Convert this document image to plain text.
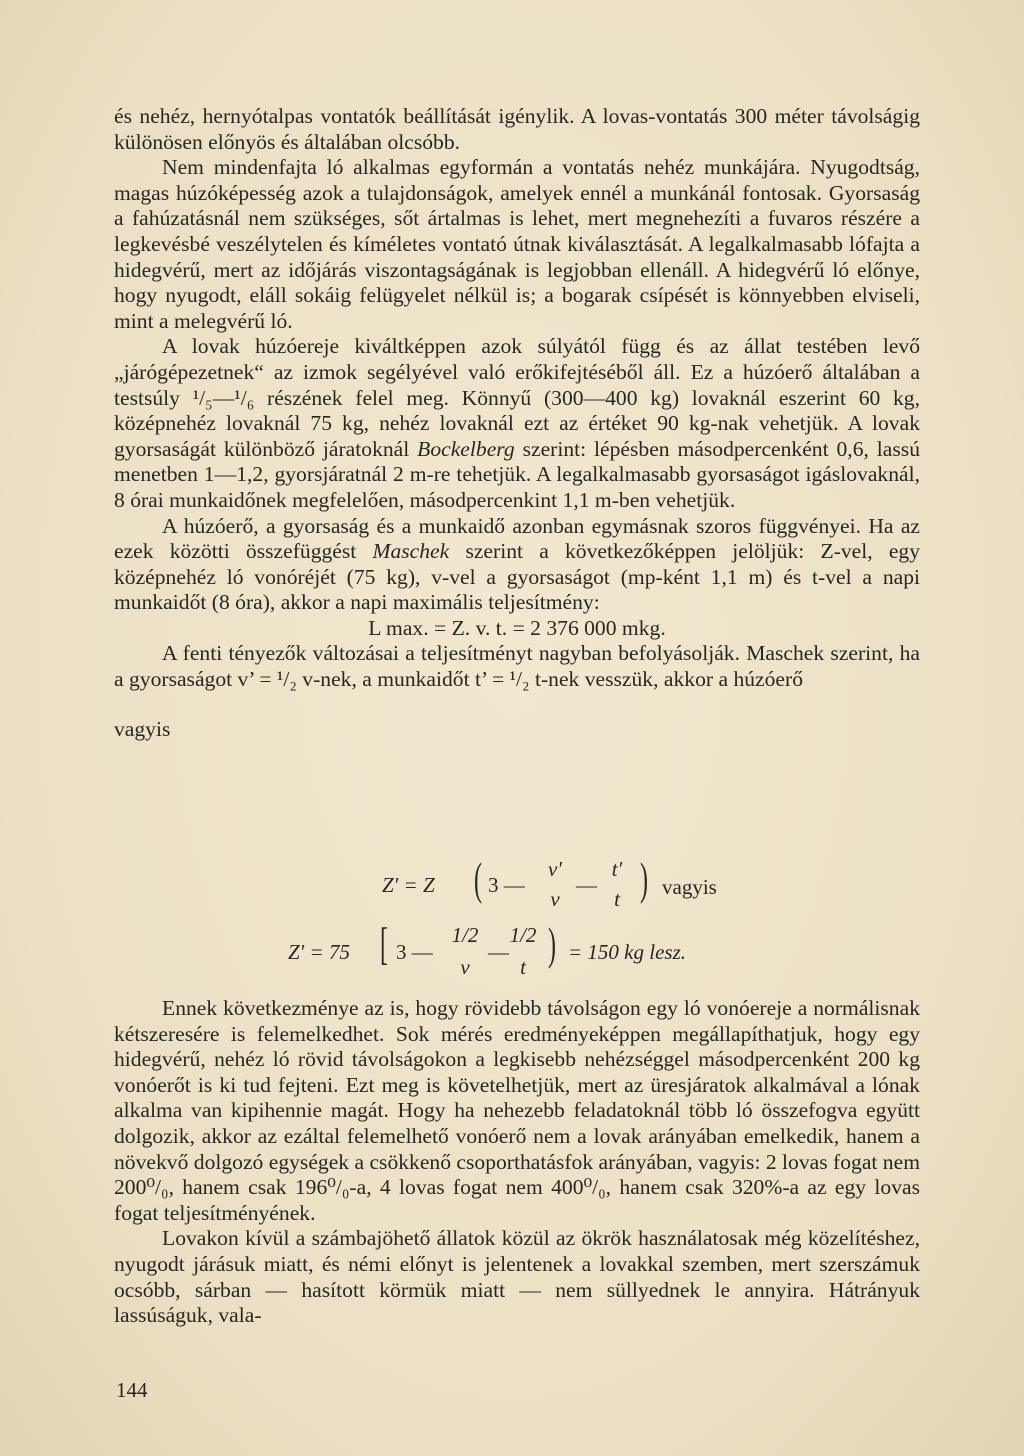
és nehéz, hernyótalpas vontatók beállítását igénylik. A lovas-vontatás 300 méter távolságig különösen előnyös és általában olcsóbb.

Nem mindenfajta ló alkalmas egyformán a vontatás nehéz munkájára. Nyugodtság, magas húzóképesség azok a tulajdonságok, amelyek ennél a munkánál fontosak. Gyorsaság a fahúzatásnál nem szükséges, sőt ártalmas is lehet, mert megnehezíti a fuvaros részére a legkevésbé veszélytelen és kíméletes vontató útnak kiválasztását. A legalkalmasabb lófajta a hidegvérű, mert az időjárás viszontagságának is legjobban ellenáll. A hidegvérű ló előnye, hogy nyugodt, eláll sokáig felügyelet nélkül is; a bogarak csípését is könnyebben elviseli, mint a melegvérű ló.

A lovak húzóereje kiváltképpen azok súlyától függ és az állat testében levő „járógépezetnek“ az izmok segélyével való erőkifejtéséből áll. Ez a húzóerő általában a testsúly ¹/₅—¹/₆ részének felel meg. Könnyű (300—400 kg) lovaknál eszerint 60 kg, középnehéz lovaknál 75 kg, nehéz lovaknál ezt az értéket 90 kg-nak vehetjük. A lovak gyorsaságát különböző járatoknál Bockelberg szerint: lépésben másodpercenként 0,6, lassú menetben 1—1,2, gyorsjáratnál 2 m-re tehetjük. A legalkalmasabb gyorsaságot igáslovaknál, 8 órai munkaidőnek megfelelően, másodpercenkint 1,1 m-ben vehetjük.

A húzóerő, a gyorsaság és a munkaidő azonban egymásnak szoros függvényei. Ha az ezek közötti összefüggést Maschek szerint a következőképpen jelöljük: Z-vel, egy középnehéz ló vonóréjét (75 kg), v-vel a gyorsaságot (mp-ként 1,1 m) és t-vel a napi munkaidőt (8 óra), akkor a napi maximális teljesítmény:

L max. = Z. v. t. = 2 376 000 mkg.

A fenti tényezők változásai a teljesítményt nagyban befolyásolják. Maschek szerint, ha a gyorsaságot v’ = ¹/₂ v-nek, a munkaidőt t’ = ¹/₂ t-nek vesszük, akkor a húzóerő

vagyis

Z′ = Z ( 3 —
v′
v
—
t′
t ) vagyis
Z′ = 75 [ 3 —
1/2
v
—
1/2
t ) = 150 kg lesz.

Ennek következménye az is, hogy rövidebb távolságon egy ló vonóereje a normálisnak kétszeresére is felemelkedhet. Sok mérés eredményeképpen megállapíthatjuk, hogy egy hidegvérű, nehéz ló rövid távolságokon a legkisebb nehézséggel másodpercenként 200 kg vonóerőt is ki tud fejteni. Ezt meg is követelhetjük, mert az üresjáratok alkalmával a lónak alkalma van kipihennie magát. Hogy ha nehezebb feladatoknál több ló összefogva együtt dolgozik, akkor az ezáltal felemelhető vonóerő nem a lovak arányában emelkedik, hanem a növekvő dolgozó egységek a csökkenő csoporthatásfok arányában, vagyis: 2 lovas fogat nem 200⁰/₀, hanem csak 196⁰/₀-a, 4 lovas fogat nem 400⁰/₀, hanem csak 320%-a az egy lovas fogat teljesítményének.

Lovakon kívül a számbajöhető állatok közül az ökrök használatosak még közelítéshez, nyugodt járásuk miatt, és némi előnyt is jelentenek a lovakkal szemben, mert szerszámuk ocsóbb, sárban — hasított körmük miatt — nem süllyednek le annyira. Hátrányuk lassúságuk, vala-

144
